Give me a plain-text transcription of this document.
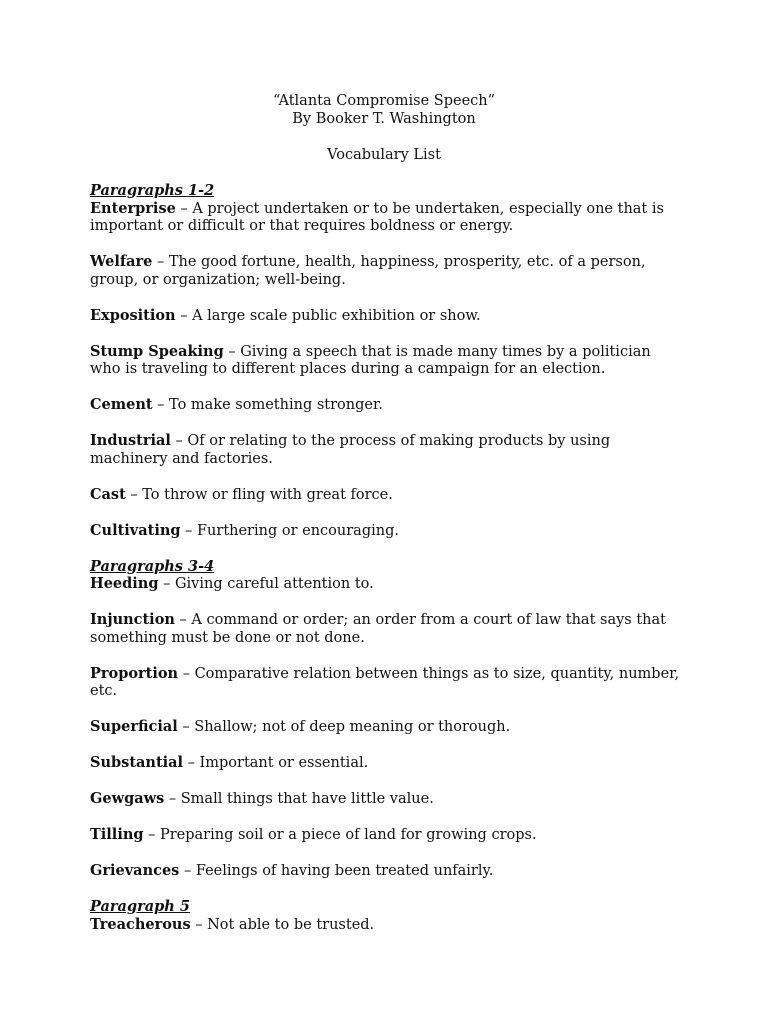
“Atlanta Compromise Speech”
By Booker T. Washington
Vocabulary List
Paragraphs 1-2

Enterprise – A project undertaken or to be undertaken, especially one that is important or difficult or that requires boldness or energy.

Welfare – The good fortune, health, happiness, prosperity, etc. of a person, group, or organization; well-being.

Exposition – A large scale public exhibition or show.

Stump Speaking – Giving a speech that is made many times by a politician who is traveling to different places during a campaign for an election.

Cement – To make something stronger.

Industrial – Of or relating to the process of making products by using machinery and factories.

Cast – To throw or fling with great force.

Cultivating – Furthering or encouraging.

Paragraphs 3-4

Heeding – Giving careful attention to.

Injunction – A command or order; an order from a court of law that says that something must be done or not done.

Proportion – Comparative relation between things as to size, quantity, number, etc.

Superficial – Shallow; not of deep meaning or thorough.

Substantial – Important or essential.

Gewgaws – Small things that have little value.

Tilling – Preparing soil or a piece of land for growing crops.

Grievances – Feelings of having been treated unfairly.

Paragraph 5

Treacherous – Not able to be trusted.
